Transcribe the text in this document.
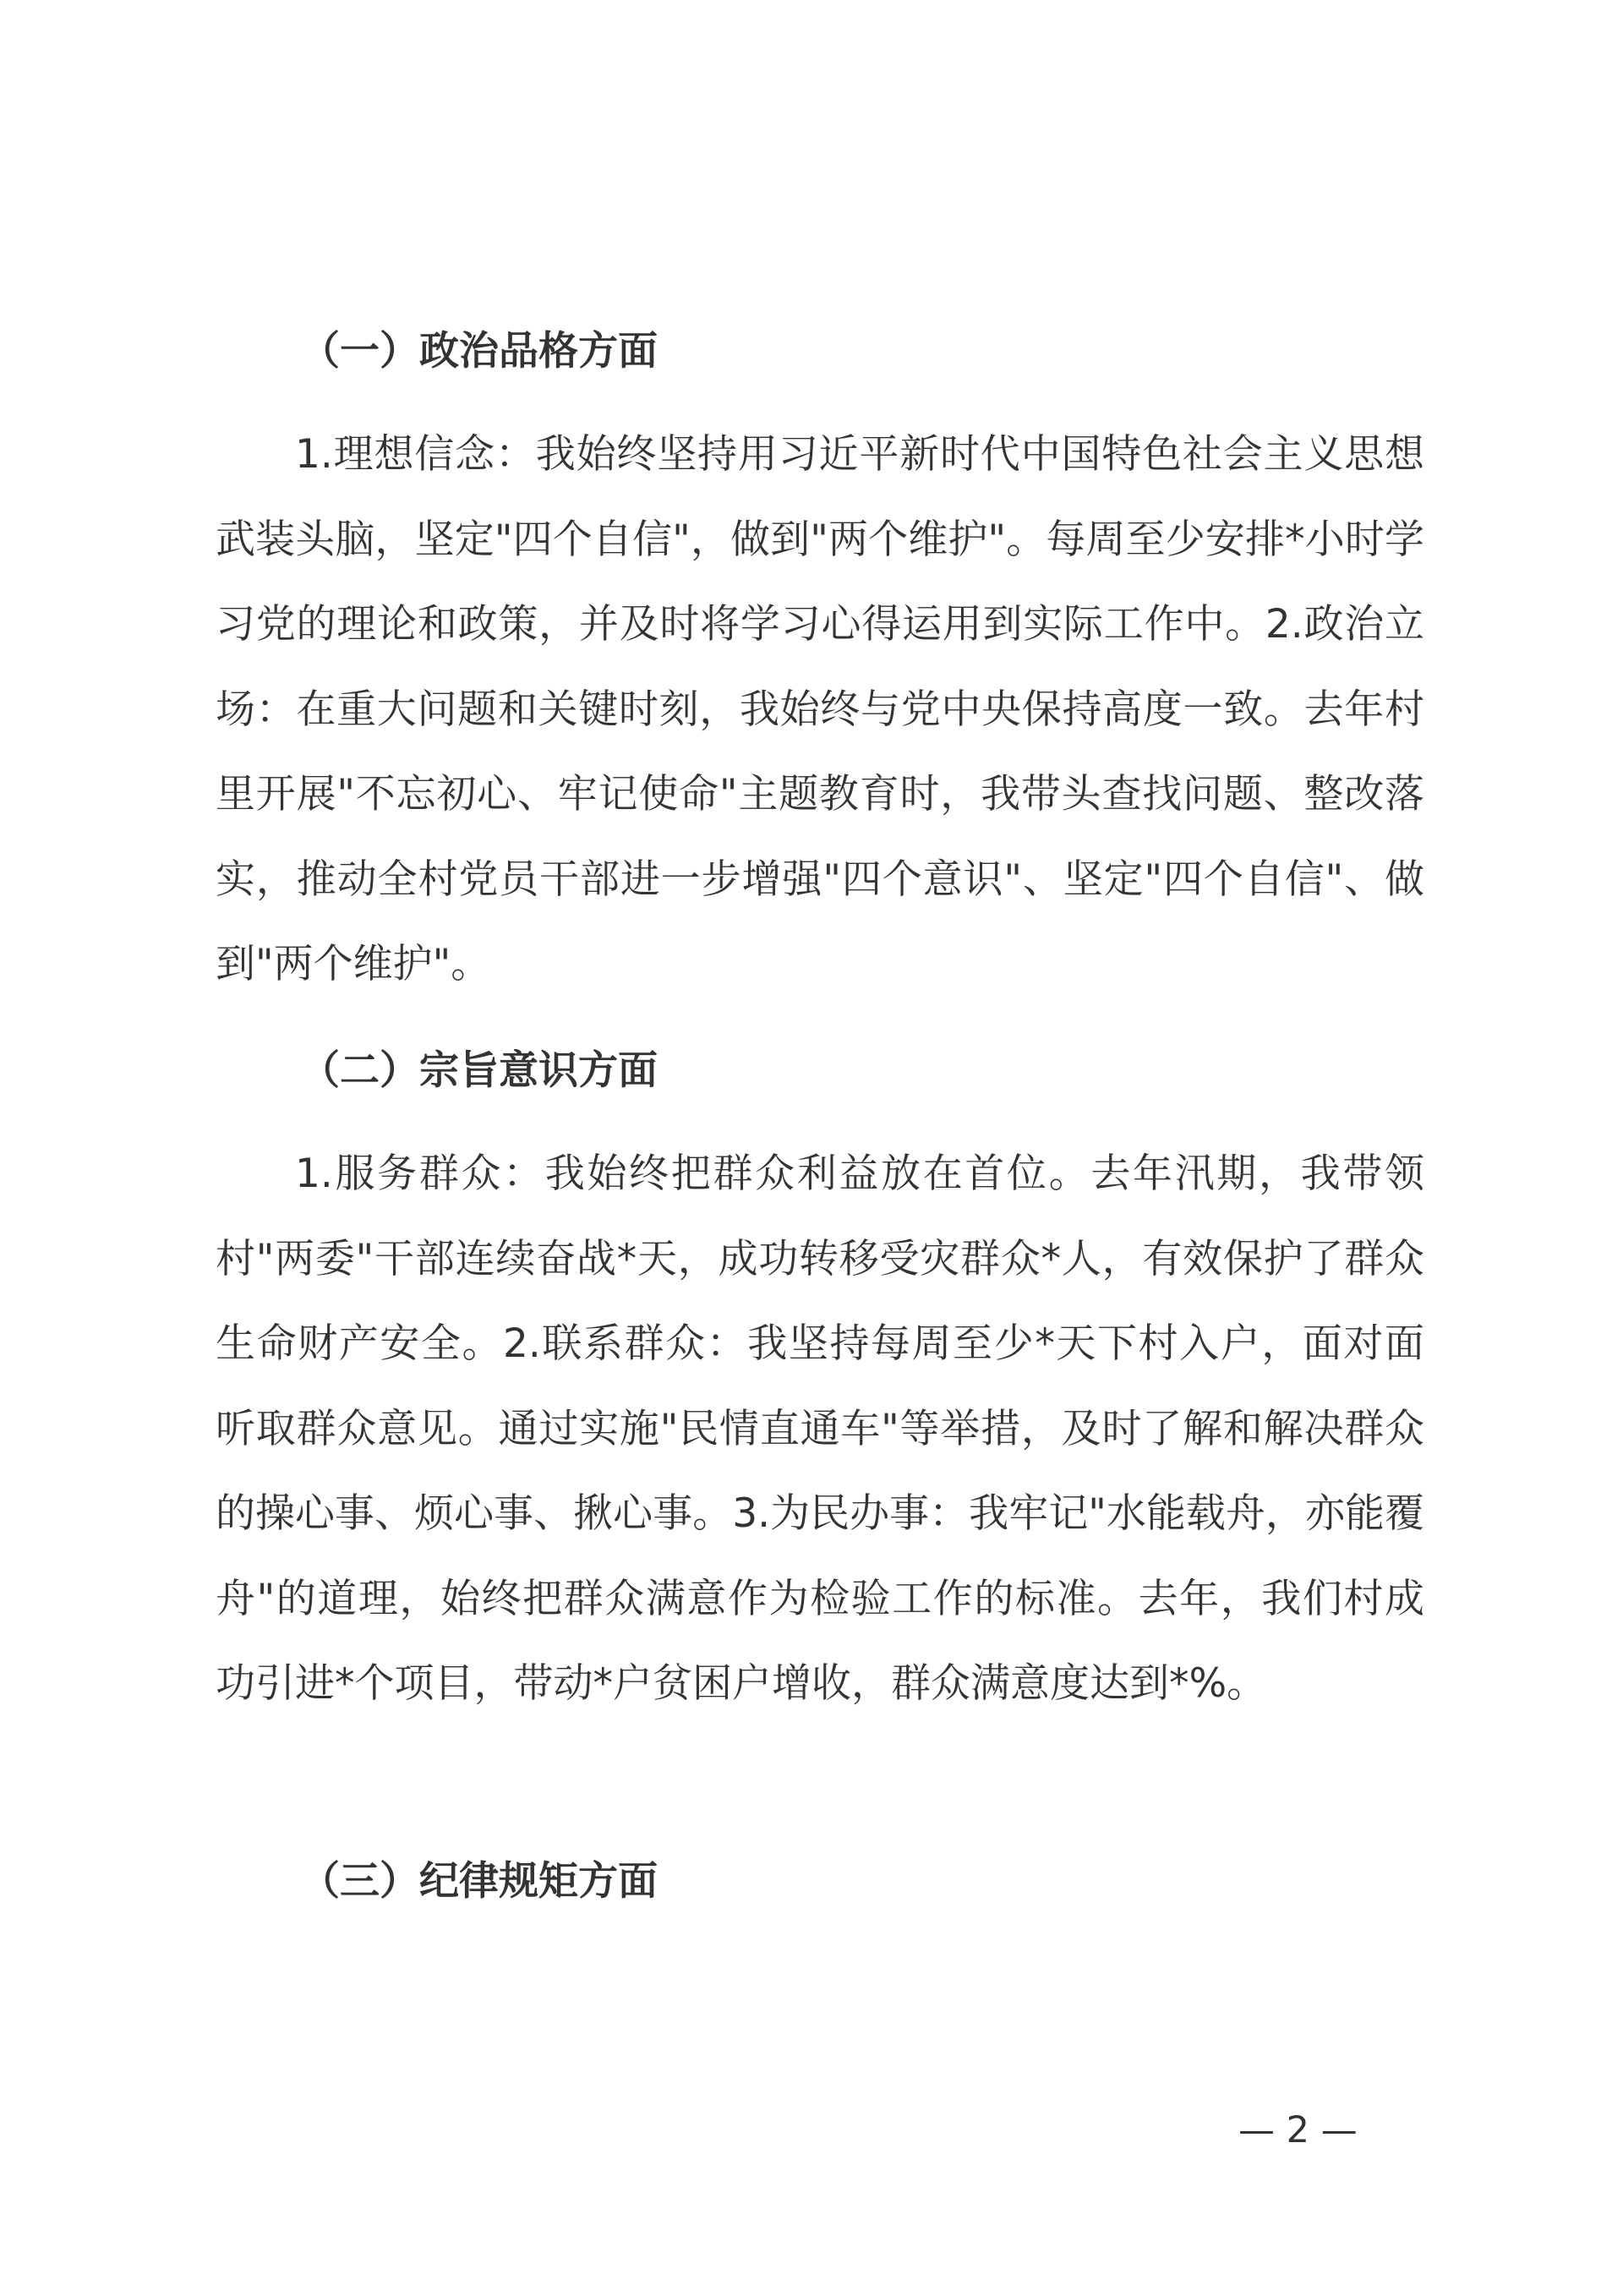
（一）政治品格方面

1.理想信念：我始终坚持用习近平新时代中国特色社会主义思想武装头脑，坚定"四个自信"，做到"两个维护"。每周至少安排*小时学习党的理论和政策，并及时将学习心得运用到实际工作中。2.政治立场：在重大问题和关键时刻，我始终与党中央保持高度一致。去年村里开展"不忘初心、牢记使命"主题教育时，我带头查找问题、整改落实，推动全村党员干部进一步增强"四个意识"、坚定"四个自信"、做到"两个维护"。

（二）宗旨意识方面

1.服务群众：我始终把群众利益放在首位。去年汛期，我带领村"两委"干部连续奋战*天，成功转移受灾群众*人，有效保护了群众生命财产安全。2.联系群众：我坚持每周至少*天下村入户，面对面听取群众意见。通过实施"民情直通车"等举措，及时了解和解决群众的操心事、烦心事、揪心事。3.为民办事：我牢记"水能载舟，亦能覆舟"的道理，始终把群众满意作为检验工作的标准。去年，我们村成功引进*个项目，带动*户贫困户增收，群众满意度达到*%。

（三）纪律规矩方面
— 2 —
